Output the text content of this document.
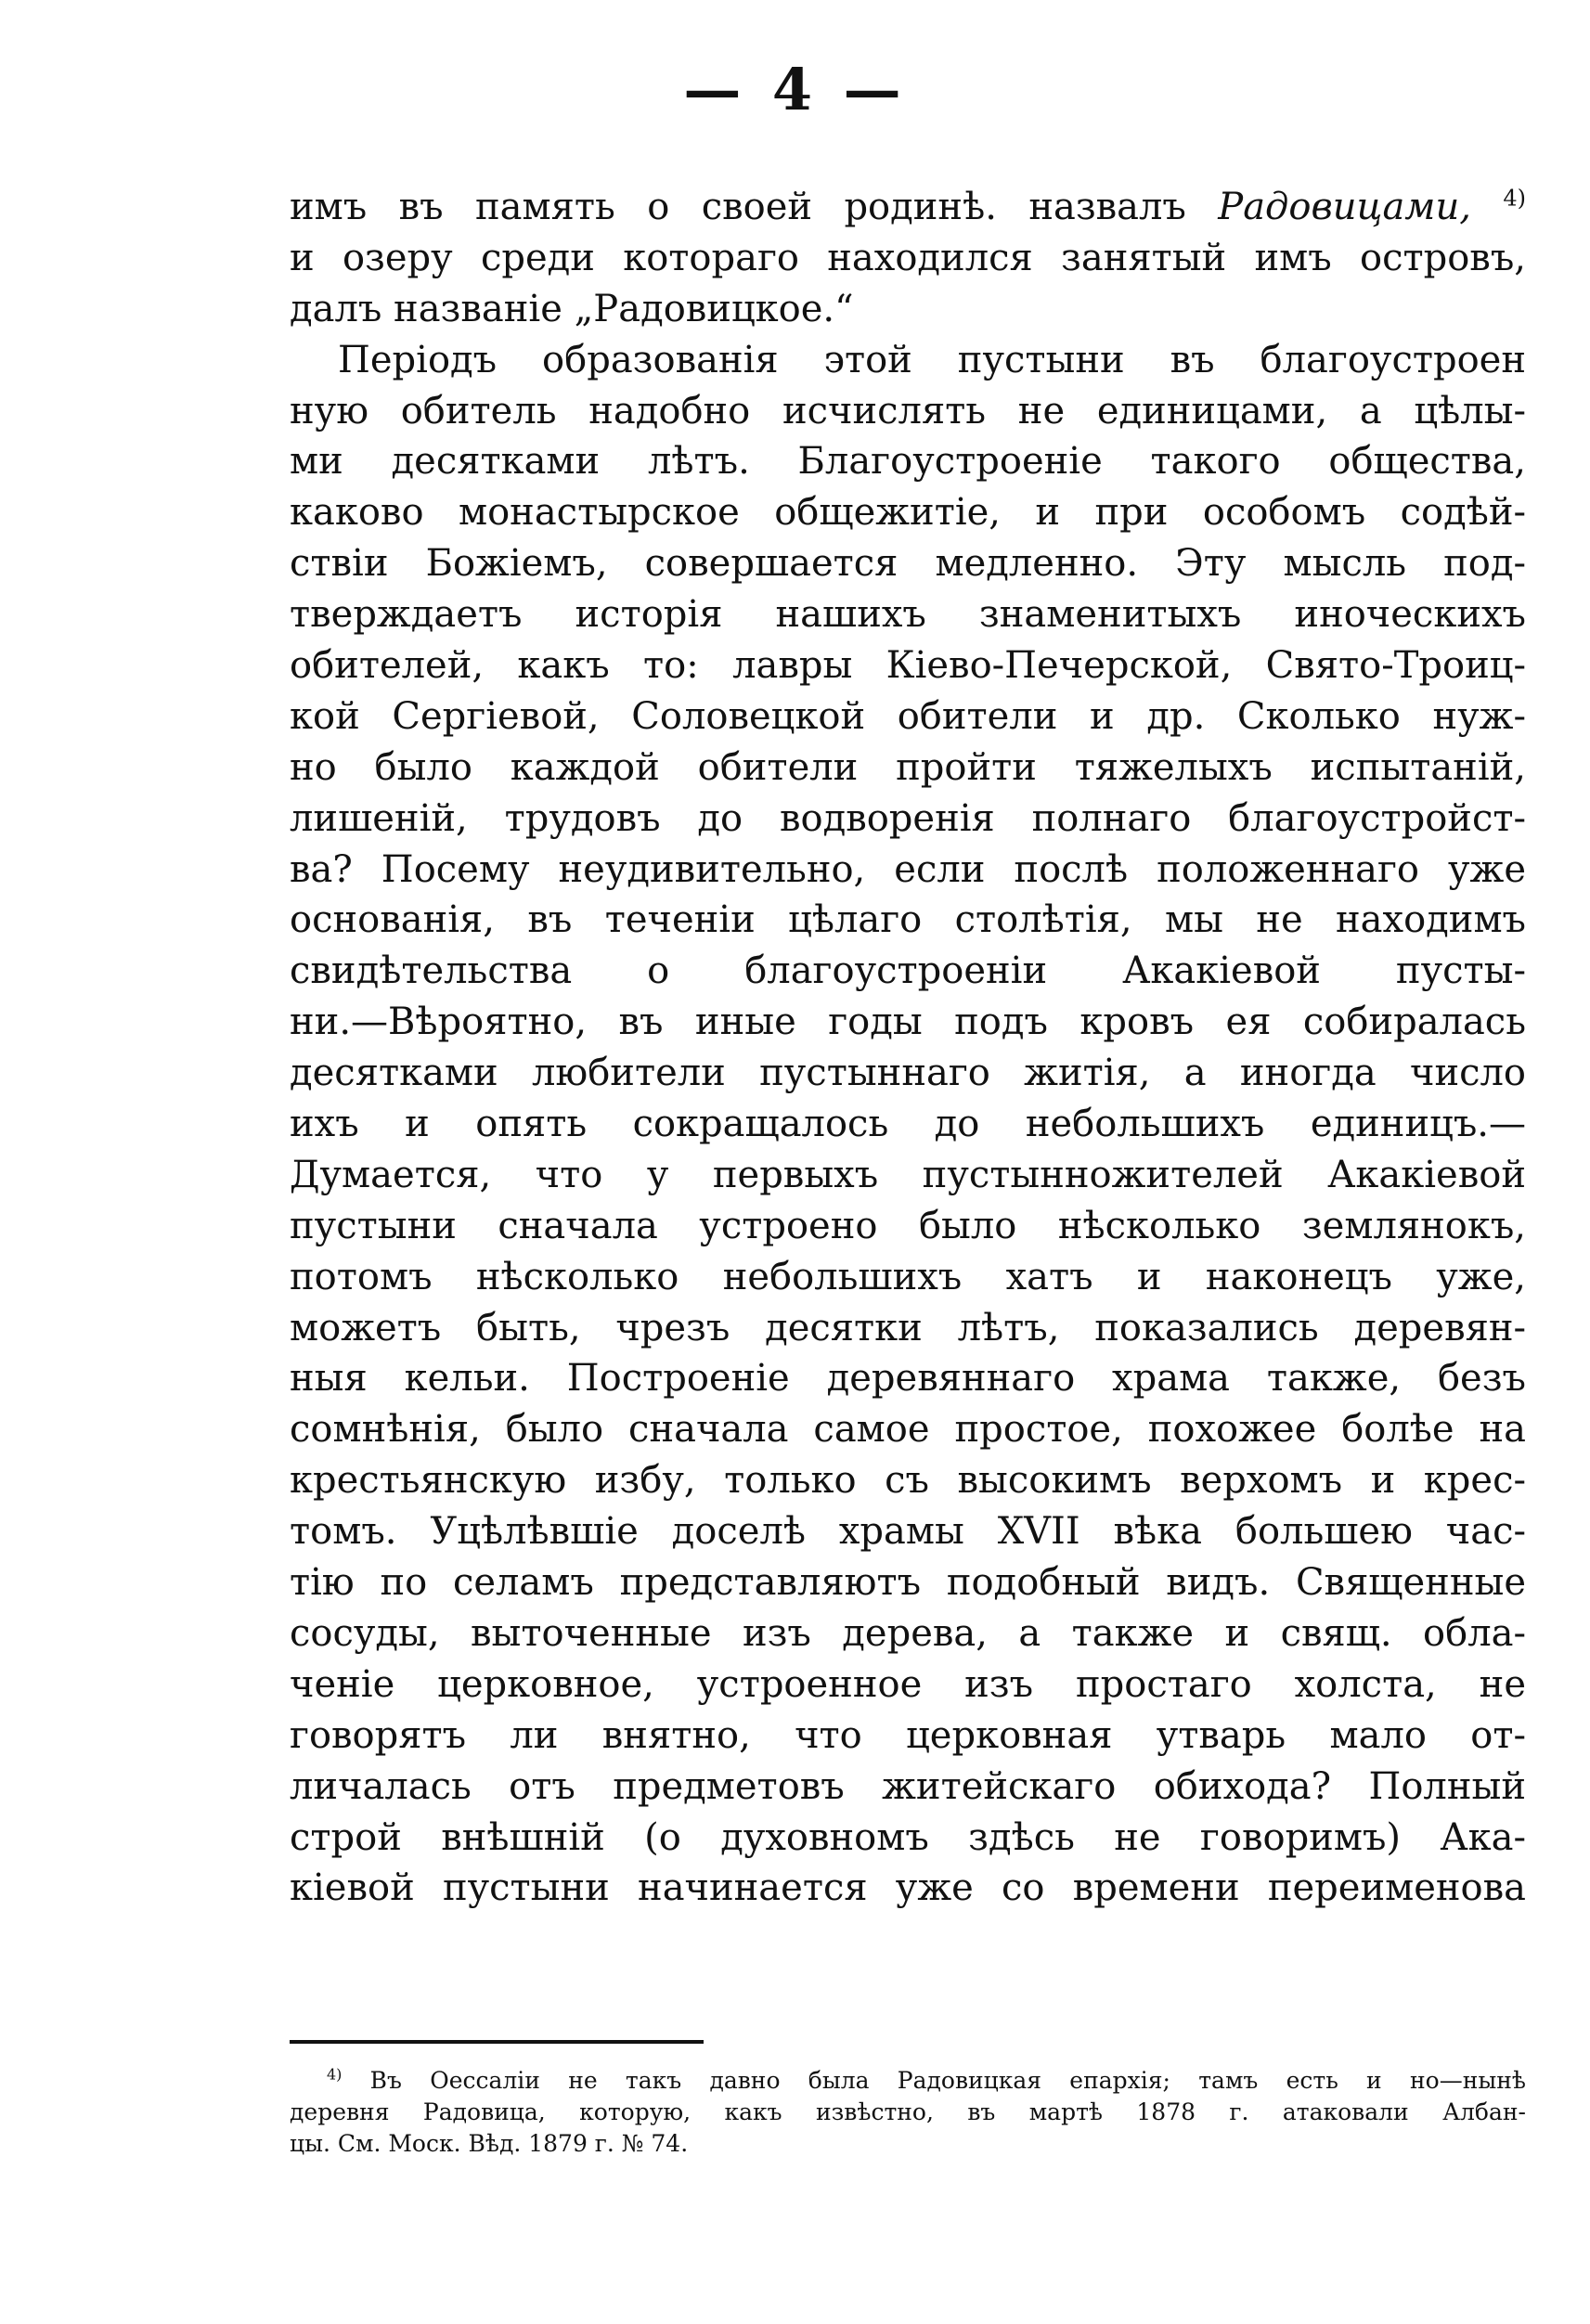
— 4 —
имъ въ память о своей родинѣ. назвалъ Радовицами, $^{4)}$
и озеру среди котораго находился занятый имъ островъ,
далъ названіе „Радовицкое.“
Періодъ образованія этой пустыни въ благоустроен
ную обитель надобно исчислять не единицами, а цѣлы-
ми десятками лѣтъ. Благоустроеніе такого общества,
каково монастырское общежитіе, и при особомъ содѣй-
ствіи Божіемъ, совершается медленно. Эту мысль под-
тверждаетъ исторія нашихъ знаменитыхъ иноческихъ
обителей, какъ то: лавры Кіево-Печерской, Свято-Троиц-
кой Сергіевой, Соловецкой обители и др. Сколько нуж-
но было каждой обители пройти тяжелыхъ испытаній,
лишеній, трудовъ до водворенія полнаго благоустройст-
ва? Посему неудивительно, если послѣ положеннаго уже
основанія, въ теченіи цѣлаго столѣтія, мы не находимъ
свидѣтельства о благоустроеніи Акакіевой пусты-
ни.—Вѣроятно, въ иные годы подъ кровъ ея собиралась
десятками любители пустыннаго житія, а иногда число
ихъ и опять сокращалось до небольшихъ единицъ.—
Думается, что у первыхъ пустынножителей Акакіевой
пустыни сначала устроено было нѣсколько землянокъ,
потомъ нѣсколько небольшихъ хатъ и наконецъ уже,
можетъ быть, чрезъ десятки лѣтъ, показались деревян-
ныя кельи. Построеніе деревяннаго храма также, безъ
сомнѣнія, было сначала самое простое, похожее болѣе на
крестьянскую избу, только съ высокимъ верхомъ и крес-
томъ. Уцѣлѣвшіе доселѣ храмы XVII вѣка большею час-
тію по селамъ представляютъ подобный видъ. Священные
сосуды, выточенные изъ дерева, а также и свящ. обла-
ченіе церковное, устроенное изъ простаго холста, не
говорятъ ли внятно, что церковная утварь мало от-
личалась отъ предметовъ житейскаго обихода? Полный
строй внѣшній (о духовномъ здѣсь не говоримъ) Ака-
кіевой пустыни начинается уже со времени переименова
$^{4)}$ Въ Оессаліи не такъ давно была Радовицкая епархія; тамъ есть и но—нынѣ
деревня Радовица, которую, какъ извѣстно, въ мартѣ 1878 г. атаковали Албан-
цы. См. Моск. Вѣд. 1879 г. № 74.
